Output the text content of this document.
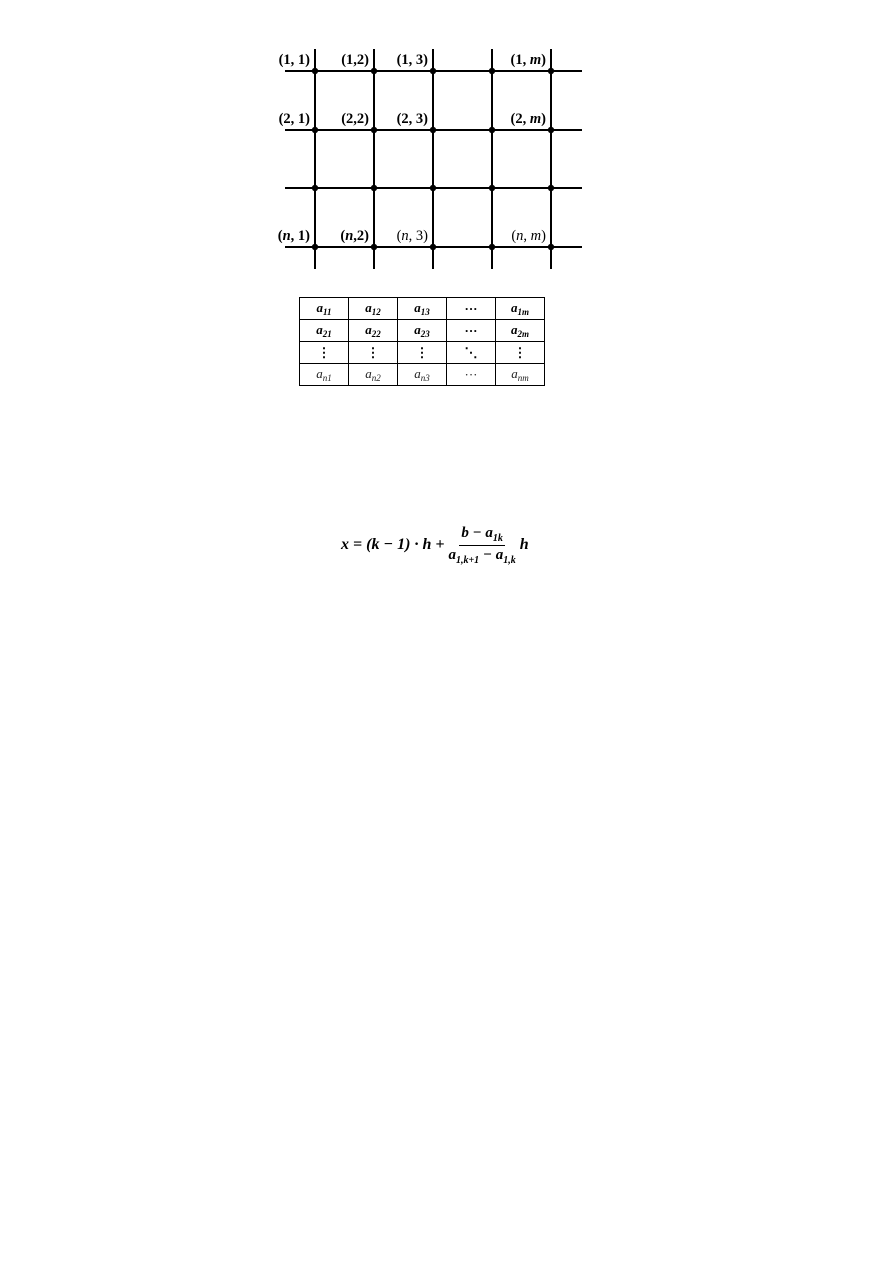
(1, 1) (1,2) (1, 3)	(1, m)
(2, 1) (2,2) (2, 3)	(2, m)
(n, 1) (n,2) (n, 3)	(n, m)
$a_{11}$	$a_{12}$	$a_{13}$	···	$a_{1m}$
$a_{21}$	$a_{22}$	$a_{23}$	···	$a_{2m}$
⋮	⋮	⋮	⋱	⋮
$a_{n1}$	$a_{n2}$	$a_{n3}$	···	$a_{nm}$
$x = (k - 1) \cdot h + \frac{b - a_{1k}}{a_{1,k+1} - a_{1,k}}$ h
